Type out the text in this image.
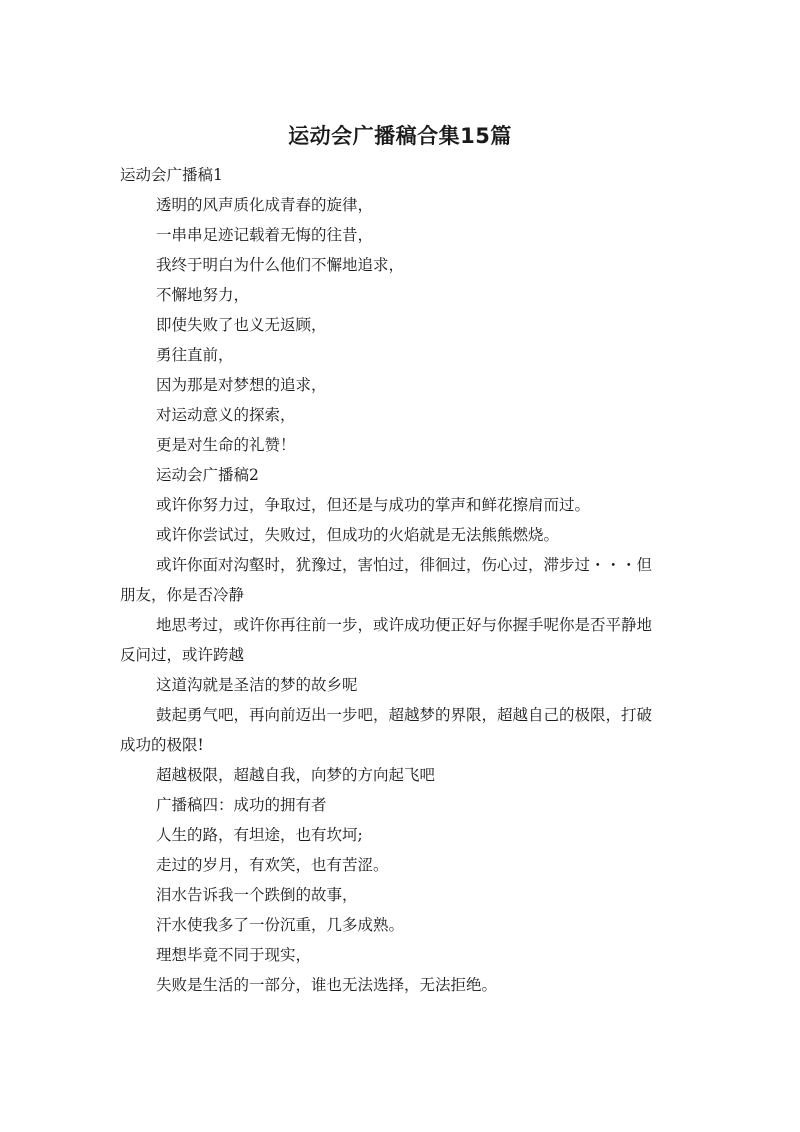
运动会广播稿合集15篇

运动会广播稿1

透明的风声质化成青春的旋律，

一串串足迹记载着无悔的往昔，

我终于明白为什么他们不懈地追求，

不懈地努力，

即使失败了也义无返顾，

勇往直前，

因为那是对梦想的追求，

对运动意义的探索，

更是对生命的礼赞！

运动会广播稿2

或许你努力过，争取过，但还是与成功的掌声和鲜花擦肩而过。

或许你尝试过，失败过，但成功的火焰就是无法熊熊燃烧。

或许你面对沟壑时，犹豫过，害怕过，徘徊过，伤心过，滞步过・・・但

朋友，你是否冷静

地思考过，或许你再往前一步，或许成功便正好与你握手呢你是否平静地

反问过，或许跨越

这道沟就是圣洁的梦的故乡呢

鼓起勇气吧，再向前迈出一步吧，超越梦的界限，超越自己的极限，打破

成功的极限!

超越极限，超越自我，向梦的方向起飞吧

广播稿四：成功的拥有者

人生的路，有坦途，也有坎坷;

走过的岁月，有欢笑，也有苦涩。

泪水告诉我一个跌倒的故事，

汗水使我多了一份沉重，几多成熟。

理想毕竟不同于现实，

失败是生活的一部分，谁也无法选择，无法拒绝。
